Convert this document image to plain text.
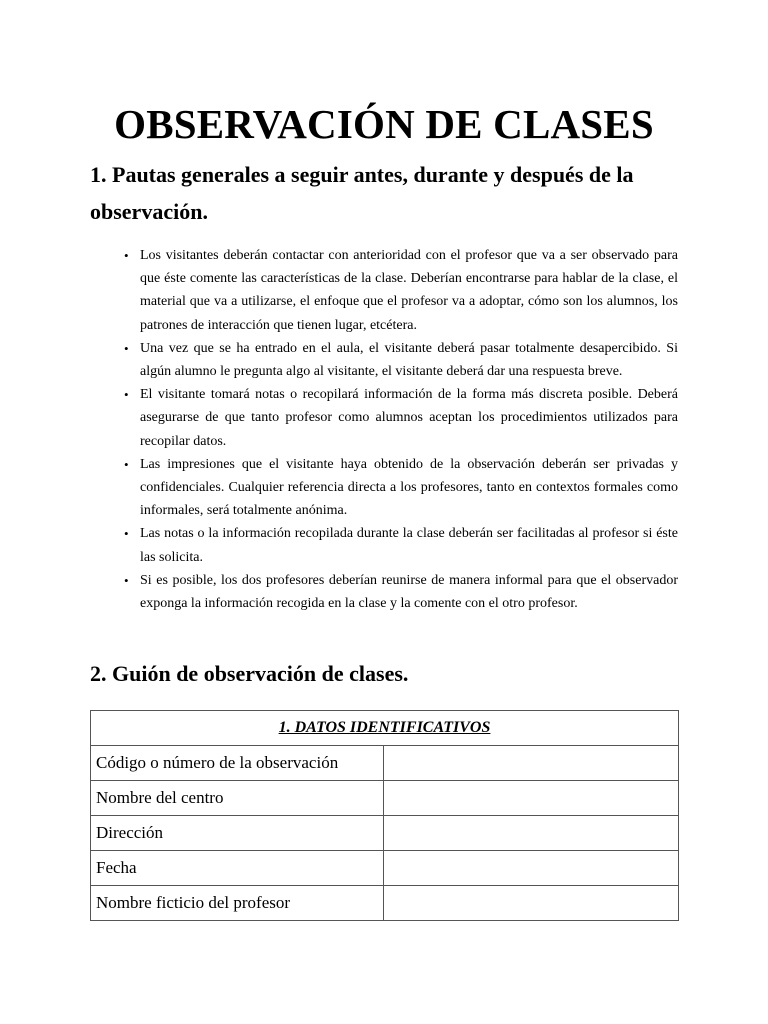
OBSERVACIÓN DE CLASES
1. Pautas generales a seguir antes, durante y después de la observación.
• Los visitantes deberán contactar con anterioridad con el profesor que va a ser observado para que éste comente las características de la clase. Deberían encontrarse para hablar de la clase, el material que va a utilizarse, el enfoque que el profesor va a adoptar, cómo son los alumnos, los patrones de interacción que tienen lugar, etcétera.
• Una vez que se ha entrado en el aula, el visitante deberá pasar totalmente desapercibido. Si algún alumno le pregunta algo al visitante, el visitante deberá dar una respuesta breve.
• El visitante tomará notas o recopilará información de la forma más discreta posible. Deberá asegurarse de que tanto profesor como alumnos aceptan los procedimientos utilizados para recopilar datos.
• Las impresiones que el visitante haya obtenido de la observación deberán ser privadas y confidenciales. Cualquier referencia directa a los profesores, tanto en contextos formales como informales, será totalmente anónima.
• Las notas o la información recopilada durante la clase deberán ser facilitadas al profesor si éste las solicita.
• Si es posible, los dos profesores deberían reunirse de manera informal para que el observador exponga la información recogida en la clase y la comente con el otro profesor.
2. Guión de observación de clases.
1. DATOS IDENTIFICATIVOS	
Código o número de la observación	
Nombre del centro	
Dirección	
Fecha	
Nombre ficticio del profesor	
